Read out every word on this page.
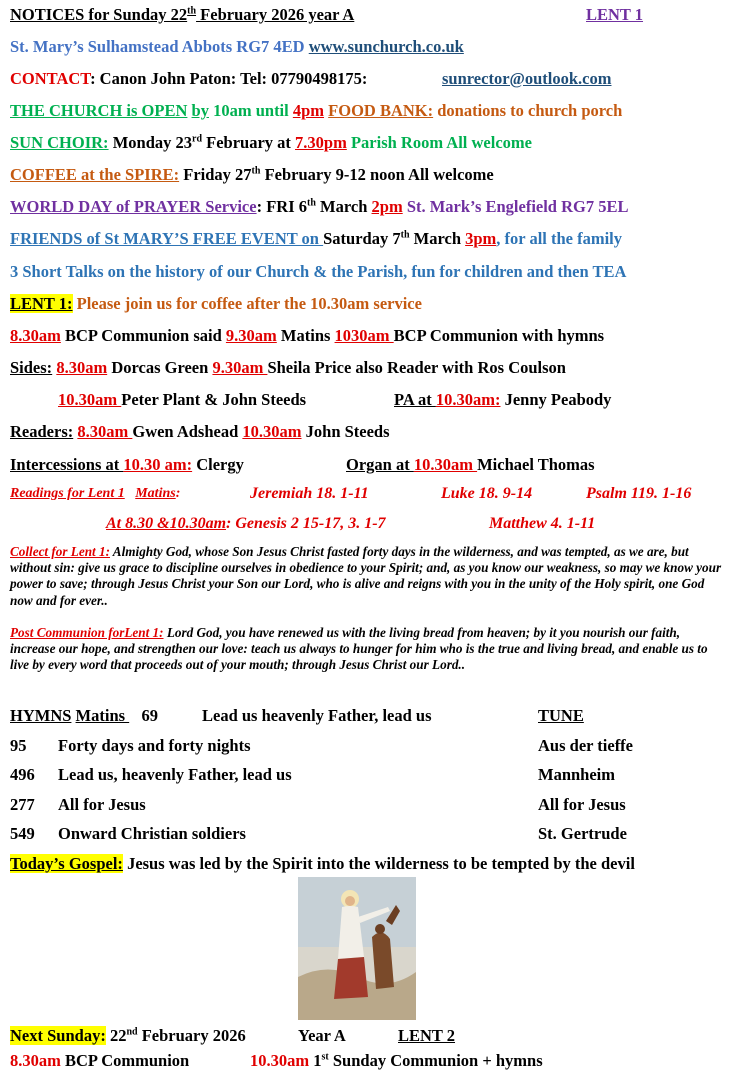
NOTICES for Sunday 22th February 2026 year A	LENT 1
St. Mary’s Sulhamstead Abbots RG7 4ED www.sunchurch.co.uk
CONTACT: Canon John Paton: Tel: 07790498175:	sunrector@outlook.com
THE CHURCH is OPEN by 10am until 4pm FOOD BANK: donations to church porch
SUN CHOIR: Monday 23rd February at 7.30pm Parish Room All welcome
COFFEE at the SPIRE: Friday 27th February 9-12 noon All welcome
WORLD DAY of PRAYER Service: FRI 6th March 2pm St. Mark’s Englefield RG7 5EL
FRIENDS of St MARY’S FREE EVENT on Saturday 7th March 3pm, for all the family
3 Short Talks on the history of our Church & the Parish, fun for children and then TEA
LENT 1: Please join us for coffee after the 10.30am service
8.30am BCP Communion said 9.30am Matins 1030am BCP Communion with hymns
Sides: 8.30am Dorcas Green 9.30am Sheila Price also Reader with Ros Coulson
10.30am Peter Plant & John Steeds	PA at 10.30am: Jenny Peabody
Readers: 8.30am Gwen Adshead 10.30am John Steeds
Intercessions at 10.30 am: Clergy	Organ at 10.30am Michael Thomas
Readings for Lent 1 Matins:	Jeremiah 18. 1-11	Luke 18. 9-14	Psalm 119. 1-16
At 8.30 &10.30am: Genesis 2 15-17, 3. 1-7	Matthew 4. 1-11
Collect for Lent 1: Almighty God, whose Son Jesus Christ fasted forty days in the wilderness, and was tempted, as we are, but without sin: give us grace to discipline ourselves in obedience to your Spirit; and, as you know our weakness, so may we know your power to save; through Jesus Christ your Son our Lord, who is alive and reigns with you in the unity of the Holy spirit, one God now and for ever..
Post Communion forLent 1: Lord God, you have renewed us with the living bread from heaven; by it you nourish our faith, increase our hope, and strengthen our love: teach us always to hunger for him who is the true and living bread, and enable us to live by every word that proceeds out of your mouth; through Jesus Christ our Lord..
HYMNS Matins    69	Lead us heavenly Father, lead us	TUNE
95 Forty days and forty nights	Aus der tieffe
496 Lead us, heavenly Father, lead us	Mannheim
277 All for Jesus	All for Jesus
549 Onward Christian soldiers	St. Gertrude
Today’s Gospel: Jesus was led by the Spirit into the wilderness to be tempted by the devil
Next Sunday: 22nd February 2026	Year A	LENT 2
8.30am BCP Communion	10.30am 1st Sunday Communion + hymns
